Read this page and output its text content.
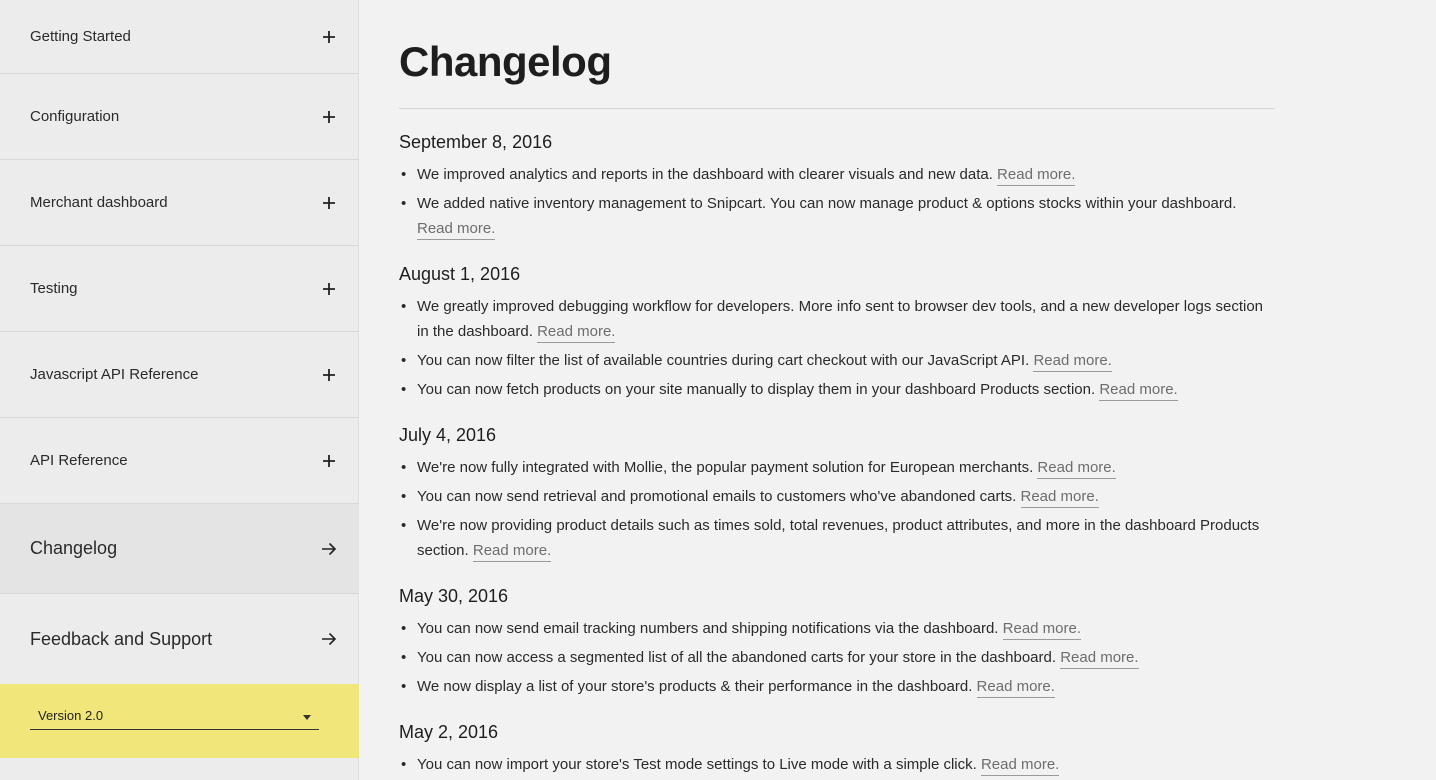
Getting Started
Configuration
Merchant dashboard
Testing
Javascript API Reference
API Reference
Changelog
Feedback and Support
Version 2.0
Changelog
September 8, 2016
• We improved analytics and reports in the dashboard with clearer visuals and new data. Read more.
• We added native inventory management to Snipcart. You can now manage product & options stocks within your dashboard. Read more.
August 1, 2016
• We greatly improved debugging workflow for developers. More info sent to browser dev tools, and a new developer logs section in the dashboard. Read more.
• You can now filter the list of available countries during cart checkout with our JavaScript API. Read more.
• You can now fetch products on your site manually to display them in your dashboard Products section. Read more.
July 4, 2016
• We're now fully integrated with Mollie, the popular payment solution for European merchants. Read more.
• You can now send retrieval and promotional emails to customers who've abandoned carts. Read more.
• We're now providing product details such as times sold, total revenues, product attributes, and more in the dashboard Products section. Read more.
May 30, 2016
• You can now send email tracking numbers and shipping notifications via the dashboard. Read more.
• You can now access a segmented list of all the abandoned carts for your store in the dashboard. Read more.
• We now display a list of your store's products & their performance in the dashboard. Read more.
May 2, 2016
• You can now import your store's Test mode settings to Live mode with a simple click. Read more.
